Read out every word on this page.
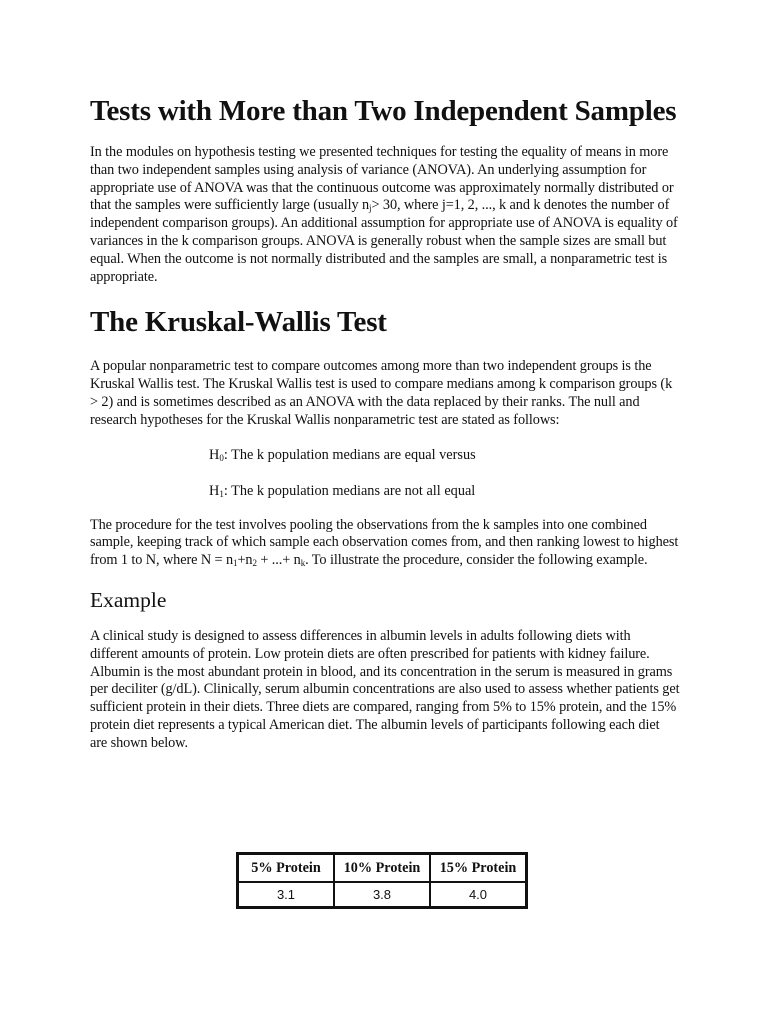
Tests with More than Two Independent Samples

In the modules on hypothesis testing we presented techniques for testing the equality of means in more than two independent samples using analysis of variance (ANOVA). An underlying assumption for appropriate use of ANOVA was that the continuous outcome was approximately normally distributed or that the samples were sufficiently large (usually $n_j> 30$, where j=1, 2, ..., k and k denotes the number of independent comparison groups). An additional assumption for appropriate use of ANOVA is equality of variances in the k comparison groups. ANOVA is generally robust when the sample sizes are small but equal. When the outcome is not normally distributed and the samples are small, a nonparametric test is appropriate.

The Kruskal-Wallis Test

A popular nonparametric test to compare outcomes among more than two independent groups is the Kruskal Wallis test. The Kruskal Wallis test is used to compare medians among k comparison groups (k > 2) and is sometimes described as an ANOVA with the data replaced by their ranks. The null and research hypotheses for the Kruskal Wallis nonparametric test are stated as follows:

$H_0$: The k population medians are equal versus
$H_1$: The k population medians are not all equal

The procedure for the test involves pooling the observations from the k samples into one combined sample, keeping track of which sample each observation comes from, and then ranking lowest to highest from 1 to N, where $N = n_1+n_2$ + ...+ $n_k$. To illustrate the procedure, consider the following example.

Example

A clinical study is designed to assess differences in albumin levels in adults following diets with different amounts of protein. Low protein diets are often prescribed for patients with kidney failure. Albumin is the most abundant protein in blood, and its concentration in the serum is measured in grams per deciliter (g/dL). Clinically, serum albumin concentrations are also used to assess whether patients get sufficient protein in their diets. Three diets are compared, ranging from 5% to 15% protein, and the 15% protein diet represents a typical American diet. The albumin levels of participants following each diet are shown below.

5% Protein	10% Protein	15% Protein
3.1	3.8	4.0
